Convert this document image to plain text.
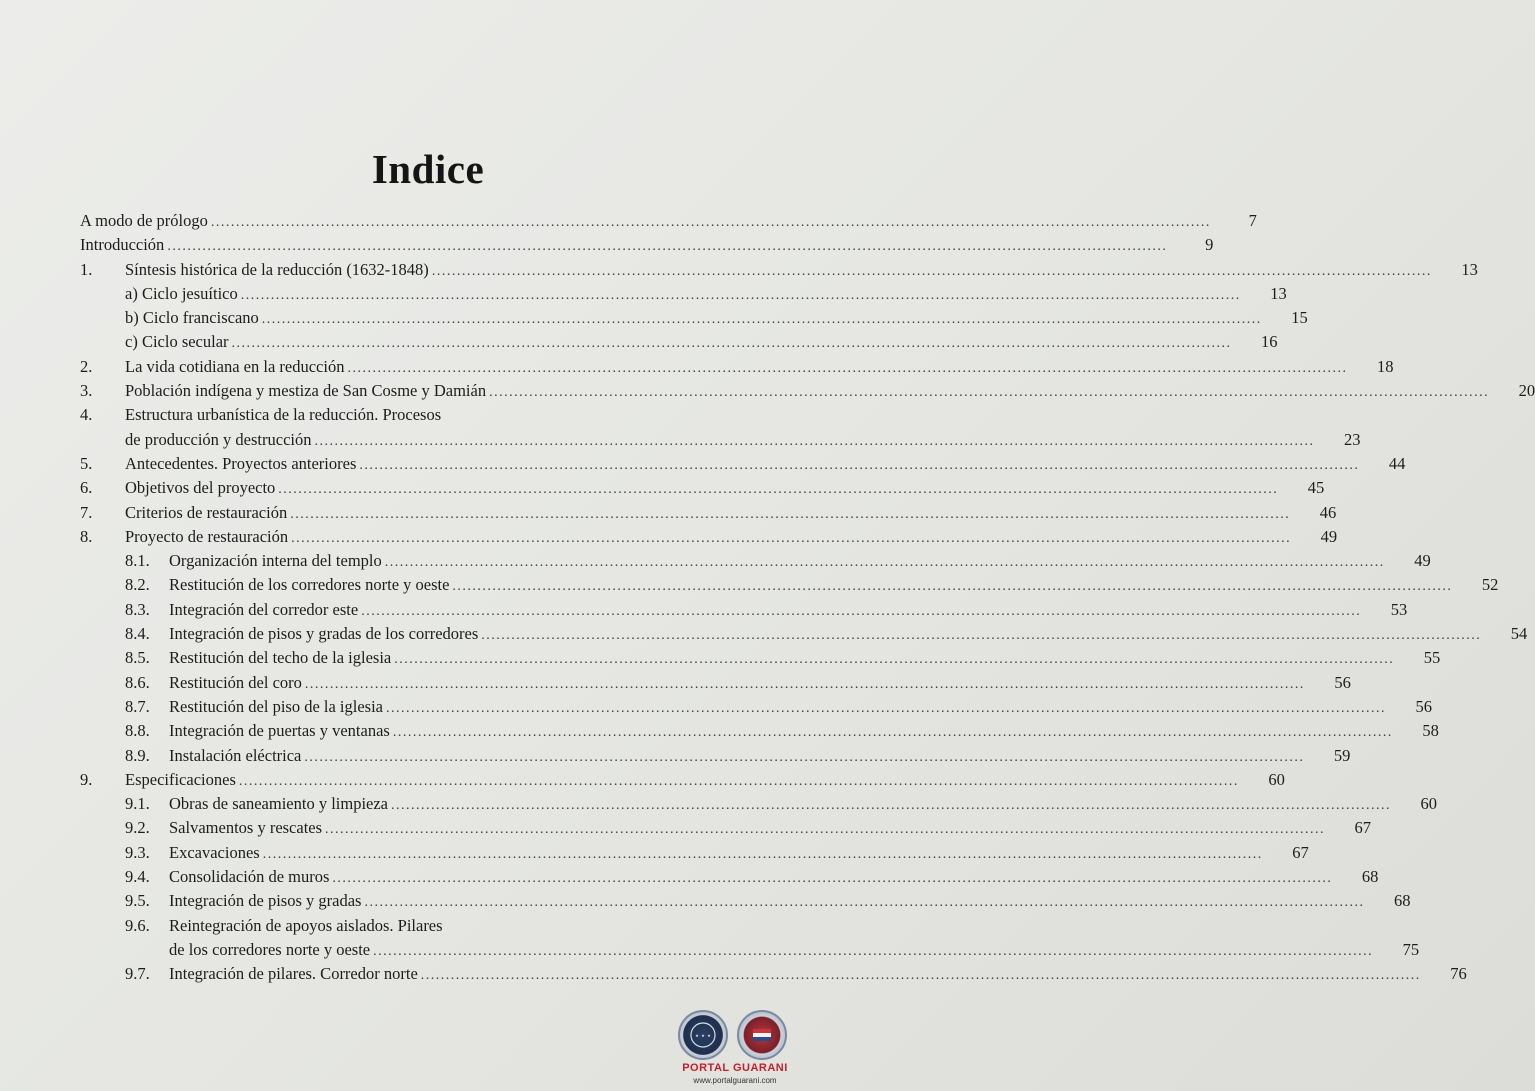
Indice
A modo de prólogo ........................................................................................................................................................................................................	7
Introducción ........................................................................................................................................................................................................	9
1. Síntesis histórica de la reducción (1632-1848) ........................................................................................................................................................................................................	13
a) Ciclo jesuítico ........................................................................................................................................................................................................	13
b) Ciclo franciscano ........................................................................................................................................................................................................	15
c) Ciclo secular ........................................................................................................................................................................................................	16
2. La vida cotidiana en la reducción ........................................................................................................................................................................................................	18
3. Población indígena y mestiza de San Cosme y Damián ........................................................................................................................................................................................................	20
4. Estructura urbanística de la reducción. Procesos
de producción y destrucción ........................................................................................................................................................................................................	23
5. Antecedentes. Proyectos anteriores ........................................................................................................................................................................................................	44
6. Objetivos del proyecto ........................................................................................................................................................................................................	45
7. Criterios de restauración ........................................................................................................................................................................................................	46
8. Proyecto de restauración ........................................................................................................................................................................................................	49
8.1. Organización interna del templo ........................................................................................................................................................................................................	49
8.2. Restitución de los corredores norte y oeste ........................................................................................................................................................................................................	52
8.3. Integración del corredor este ........................................................................................................................................................................................................	53
8.4. Integración de pisos y gradas de los corredores ........................................................................................................................................................................................................	54
8.5. Restitución del techo de la iglesia ........................................................................................................................................................................................................	55
8.6. Restitución del coro ........................................................................................................................................................................................................	56
8.7. Restitución del piso de la iglesia ........................................................................................................................................................................................................	56
8.8. Integración de puertas y ventanas ........................................................................................................................................................................................................	58
8.9. Instalación eléctrica ........................................................................................................................................................................................................	59
9. Especificaciones ........................................................................................................................................................................................................	60
9.1. Obras de saneamiento y limpieza ........................................................................................................................................................................................................	60
9.2. Salvamentos y rescates ........................................................................................................................................................................................................	67
9.3. Excavaciones ........................................................................................................................................................................................................	67
9.4. Consolidación de muros ........................................................................................................................................................................................................	68
9.5. Integración de pisos y gradas ........................................................................................................................................................................................................	68
9.6. Reintegración de apoyos aislados. Pilares
de los corredores norte y oeste ........................................................................................................................................................................................................	75
9.7. Integración de pilares. Corredor norte ........................................................................................................................................................................................................	76
PORTAL GUARANI
www.portalguarani.com
